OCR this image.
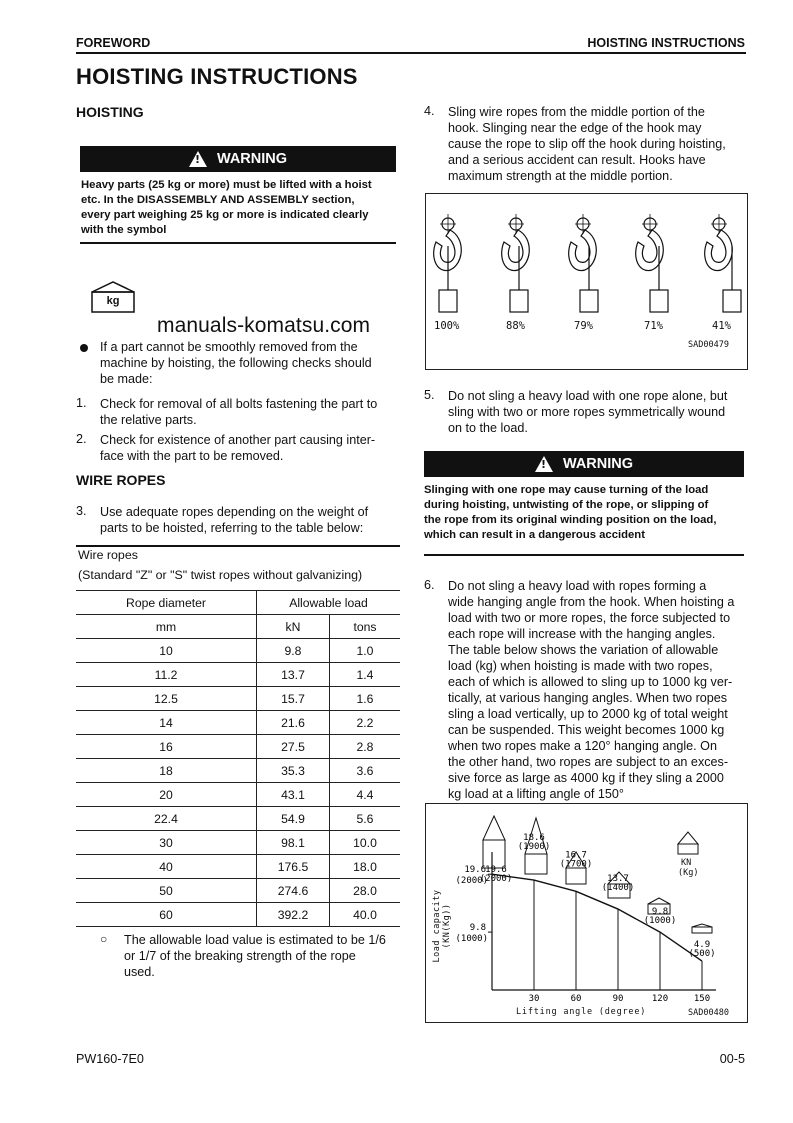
FOREWORD	HOISTING INSTRUCTIONS
HOISTING INSTRUCTIONS
HOISTING
! WARNING
Heavy parts (25 kg or more) must be lifted with a hoist
etc. In the DISASSEMBLY AND ASSEMBLY section,
every part weighing 25 kg or more is indicated clearly
with the symbol
kg
manuals-komatsu.com
If a part cannot be smoothly removed from the
machine by hoisting, the following checks should
be made:
1. Check for removal of all bolts fastening the part to
the relative parts.
2. Check for existence of another part causing inter-
face with the part to be removed.
WIRE ROPES
3. Use adequate ropes depending on the weight of
parts to be hoisted, referring to the table below:
Wire ropes
(Standard "Z" or "S" twist ropes without galvanizing)
Rope diameter	Allowable load	
mm	kN	tons
10	9.8	1.0
11.2	13.7	1.4
12.5	15.7	1.6
14	21.6	2.2
16	27.5	2.8
18	35.3	3.6
20	43.1	4.4
22.4	54.9	5.6
30	98.1	10.0
40	176.5	18.0
50	274.6	28.0
60	392.2	40.0
○ The allowable load value is estimated to be 1/6
or 1/7 of the breaking strength of the rope
used.
4. Sling wire ropes from the middle portion of the
hook. Slinging near the edge of the hook may
cause the rope to slip off the hook during hoisting,
and a serious accident can result. Hooks have
maximum strength at the middle portion.
100%	88%	79%	71%	41%
SAD00479
5. Do not sling a heavy load with one rope alone, but
sling with two or more ropes symmetrically wound
on to the load.
! WARNING
Slinging with one rope may cause turning of the load
during hoisting, untwisting of the rope, or slipping of
the rope from its original winding position on the load,
which can result in a dangerous accident
6. Do not sling a heavy load with ropes forming a
wide hanging angle from the hook. When hoisting a
load with two or more ropes, the force subjected to
each rope will increase with the hanging angles.
The table below shows the variation of allowable
load (kg) when hoisting is made with two ropes,
each of which is allowed to sling up to 1000 kg ver-
tically, at various hanging angles. When two ropes
sling a load vertically, up to 2000 kg of total weight
can be suspended. This weight becomes 1000 kg
when two ropes make a 120° hanging angle. On
the other hand, two ropes are subject to an exces-
sive force as large as 4000 kg if they sling a 2000
kg load at a lifting angle of 150°
30	60	90	120	150
19.6
(2000)
9.8
(1000)
18.6
(1900)
16.7
(1700)
13.7
(1400)
9.8
(1000)
4.9
(500)
19.6
(2000)
Load capacity (KN(Kg))
Lifting angle (degree)	SAD00480
KN
(Kg)
PW160-7E0	00-5
